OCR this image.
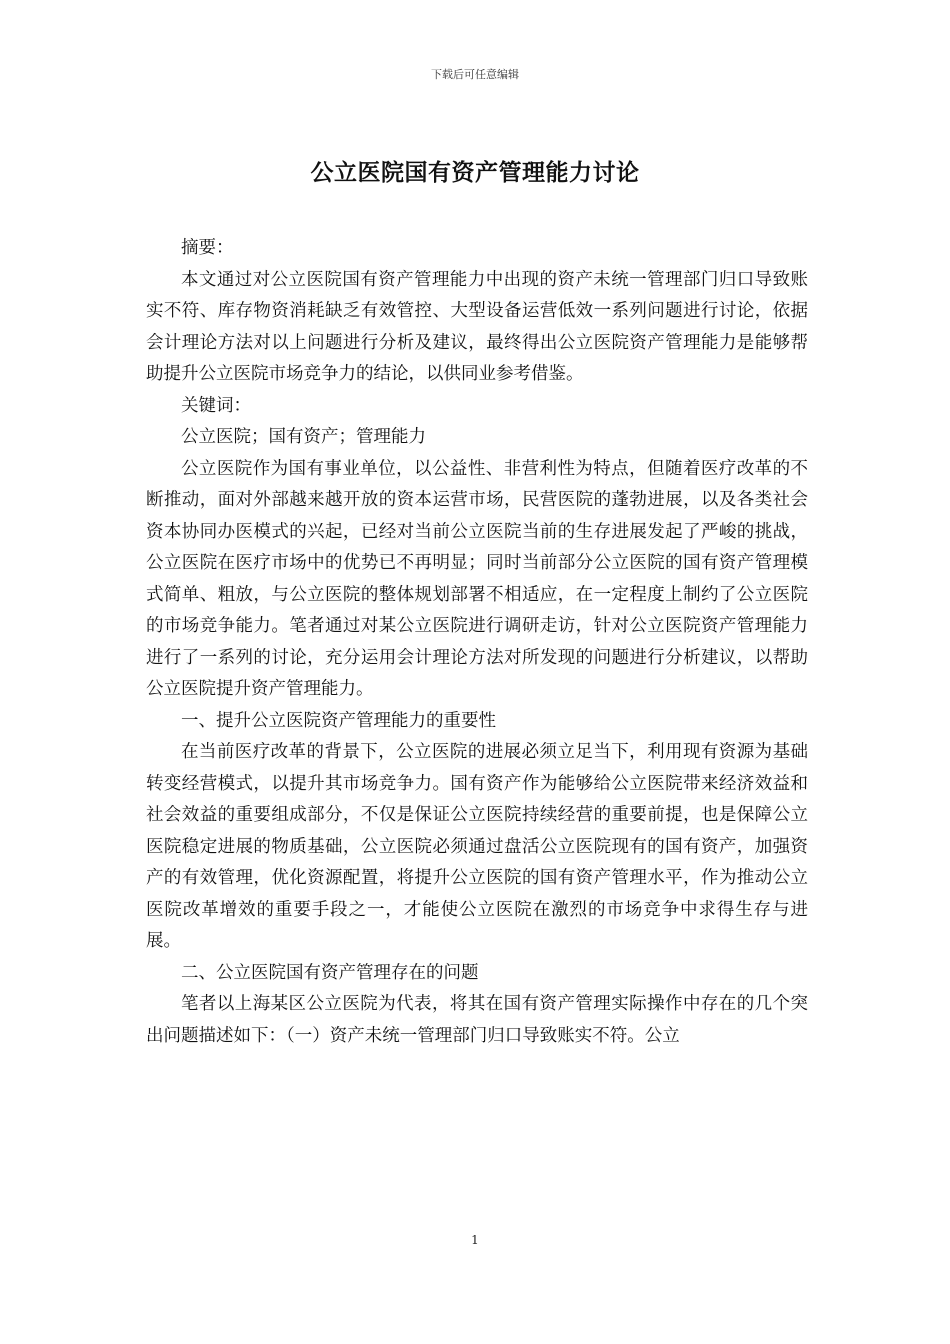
下载后可任意编辑
公立医院国有资产管理能力讨论

摘要：

本文通过对公立医院国有资产管理能力中出现的资产未统一管理部门归口导致账实不符、库存物资消耗缺乏有效管控、大型设备运营低效一系列问题进行讨论，依据会计理论方法对以上问题进行分析及建议，最终得出公立医院资产管理能力是能够帮助提升公立医院市场竞争力的结论，以供同业参考借鉴。

关键词：

公立医院；国有资产；管理能力

公立医院作为国有事业单位，以公益性、非营利性为特点，但随着医疗改革的不断推动，面对外部越来越开放的资本运营市场，民营医院的蓬勃进展，以及各类社会资本协同办医模式的兴起，已经对当前公立医院当前的生存进展发起了严峻的挑战，公立医院在医疗市场中的优势已不再明显；同时当前部分公立医院的国有资产管理模式简单、粗放，与公立医院的整体规划部署不相适应，在一定程度上制约了公立医院的市场竞争能力。笔者通过对某公立医院进行调研走访，针对公立医院资产管理能力进行了一系列的讨论，充分运用会计理论方法对所发现的问题进行分析建议，以帮助公立医院提升资产管理能力。

一、提升公立医院资产管理能力的重要性

在当前医疗改革的背景下，公立医院的进展必须立足当下，利用现有资源为基础转变经营模式，以提升其市场竞争力。国有资产作为能够给公立医院带来经济效益和社会效益的重要组成部分，不仅是保证公立医院持续经营的重要前提，也是保障公立医院稳定进展的物质基础，公立医院必须通过盘活公立医院现有的国有资产，加强资产的有效管理，优化资源配置，将提升公立医院的国有资产管理水平，作为推动公立医院改革增效的重要手段之一，才能使公立医院在激烈的市场竞争中求得生存与进展。

二、公立医院国有资产管理存在的问题

笔者以上海某区公立医院为代表，将其在国有资产管理实际操作中存在的几个突出问题描述如下：（一）资产未统一管理部门归口导致账实不符。公立

1
